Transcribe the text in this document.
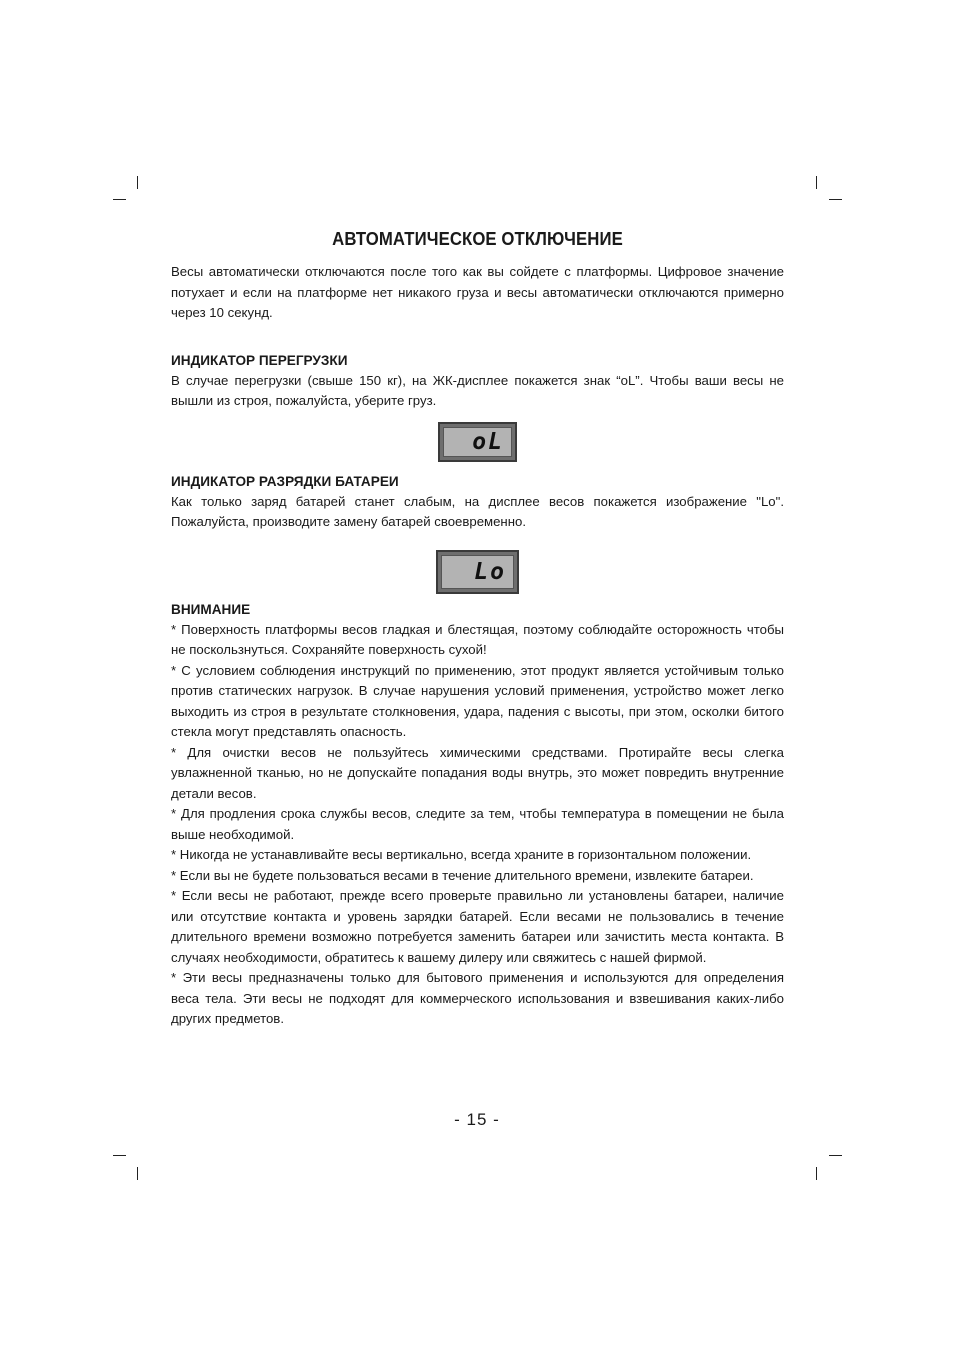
АВТОМАТИЧЕСКОЕ ОТКЛЮЧЕНИЕ

Весы автоматически отключаются после того как вы сойдете с платформы. Цифровое значение потухает и если на платформе нет никакого груза и весы автоматически отключаются примерно через 10 секунд.

ИНДИКАТОР ПЕРЕГРУЗКИ

В случае перегрузки (свыше 150 кг), на ЖК-дисплее покажется знак “oL”. Чтобы ваши весы не вышли из строя, пожалуйста, уберите груз.

oL

ИНДИКАТОР РАЗРЯДКИ БАТАРЕИ

Как только заряд батарей станет слабым, на дисплее весов покажется изображение "Lo". Пожалуйста, производите замену батарей своевременно.

Lo

ВНИМАНИЕ

* Поверхность платформы весов гладкая и блестящая, поэтому соблюдайте осторожность чтобы не поскользнуться. Сохраняйте поверхность сухой!

* С условием соблюдения инструкций по применению, этот продукт является устойчивым только против статических нагрузок. В случае нарушения условий применения, устройство может легко выходить из строя в результате столкновения, удара, падения с высоты, при этом, осколки битого стекла могут представлять опасность.

* Для очистки весов не пользуйтесь химическими средствами. Протирайте весы слегка увлажненной тканью, но не допускайте попадания воды внутрь, это может повредить внутренние детали весов.

* Для продления срока службы весов, следите за тем, чтобы температура в помещении не была выше необходимой.

* Никогда не устанавливайте весы вертикально, всегда храните в горизонтальном положении.

* Если вы не будете пользоваться весами в течение длительного времени, извлеките батареи.

* Если весы не работают, прежде всего проверьте правильно ли установлены батареи, наличие или отсутствие контакта и уровень зарядки батарей. Если весами не пользовались в течение длительного времени возможно потребуется заменить батареи или зачистить места контакта. В случаях необходимости, обратитесь к вашему дилеру или свяжитесь с нашей фирмой.

* Эти весы предназначены только для бытового применения и используются для определения веса тела. Эти весы не подходят для коммерческого использования и взвешивания каких-либо других предметов.

- 15 -
